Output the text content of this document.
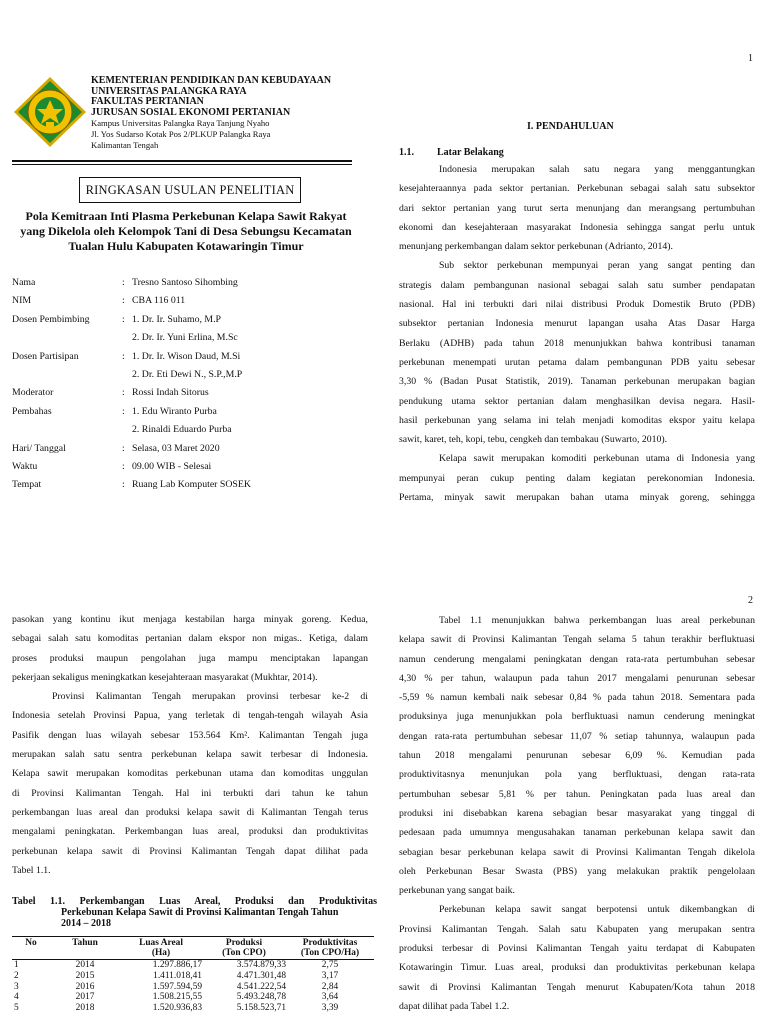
1
2
KEMENTERIAN PENDIDIKAN DAN KEBUDAYAAN
UNIVERSITAS PALANGKA RAYA
FAKULTAS PERTANIAN
JURUSAN SOSIAL EKONOMI PERTANIAN
Kampus Universitas Palangka Raya Tanjung Nyaho
Jl. Yos Sudarso Kotak Pos 2/PLKUP Palangka Raya
Kalimantan Tengah
RINGKASAN USULAN PENELITIAN
Pola Kemitraan Inti Plasma Perkebunan Kelapa Sawit Rakyat yang Dikelola oleh Kelompok Tani di Desa Sebungsu Kecamatan Tualan Hulu Kabupaten Kotawaringin Timur
Nama	: Tresno Santoso Sihombing
NIM	: CBA 116 011
Dosen Pembimbing	: 1. Dr. Ir. Suhamo, M.P
2. Dr. Ir. Yuni Erlina, M.Sc
Dosen Partisipan	: 1. Dr. Ir. Wison Daud, M.Si
2. Dr. Eti Dewi N., S.P.,M.P
Moderator	: Rossi Indah Sitorus
Pembahas	: 1. Edu Wiranto Purba
2. Rinaldi Eduardo Purba
Hari/ Tanggal	: Selasa, 03 Maret 2020
Waktu	: 09.00 WIB - Selesai
Tempat	: Ruang Lab Komputer SOSEK
I. PENDAHULUAN
1.1. Latar Belakang
Indonesia merupakan salah satu negara yang menggantungkan
kesejahteraannya pada sektor pertanian. Perkebunan sebagai salah satu subsektor
dari sektor pertanian yang turut serta menunjang dan merangsang pertumbuhan
ekonomi dan kesejahteraan masyarakat Indonesia sehingga sangat perlu untuk
menunjang perkembangan dalam sektor perkebunan (Adrianto, 2014).
Sub sektor perkebunan mempunyai peran yang sangat penting dan
strategis dalam pembangunan nasional sebagai salah satu sumber pendapatan
nasional. Hal ini terbukti dari nilai distribusi Produk Domestik Bruto (PDB)
subsektor pertanian Indonesia menurut lapangan usaha Atas Dasar Harga
Berlaku (ADHB) pada tahun 2018 menunjukkan bahwa kontribusi tanaman
perkebunan menempati urutan petama dalam pembangunan PDB yaitu sebesar
3,30 % (Badan Pusat Statistik, 2019). Tanaman perkebunan merupakan bagian
pendukung utama sektor pertanian dalam menghasilkan devisa negara. Hasil-
hasil perkebunan yang selama ini telah menjadi komoditas ekspor yaitu kelapa
sawit, karet, teh, kopi, tebu, cengkeh dan tembakau (Suwarto, 2010).
Kelapa sawit merupakan komoditi perkebunan utama di Indonesia yang
mempunyai peran cukup penting dalam kegiatan perekonomian Indonesia.
Pertama, minyak sawit merupakan bahan utama minyak goreng, sehingga
pasokan yang kontinu ikut menjaga kestabilan harga minyak goreng. Kedua,
sebagai salah satu komoditas pertanian dalam ekspor non migas.. Ketiga, dalam
proses produksi maupun pengolahan juga mampu menciptakan lapangan
pekerjaan sekaligus meningkatkan kesejahteraan masyarakat (Mukhtar, 2014).
Provinsi Kalimantan Tengah merupakan provinsi terbesar ke-2 di
Indonesia setelah Provinsi Papua, yang terletak di tengah-tengah wilayah Asia
Pasifik dengan luas wilayah sebesar 153.564 Km². Kalimantan Tengah juga
merupakan salah satu sentra perkebunan kelapa sawit terbesar di Indonesia.
Kelapa sawit merupakan komoditas perkebunan utama dan komoditas unggulan
di Provinsi Kalimantan Tengah. Hal ini terbukti dari tahun ke tahun
perkembangan luas areal dan produksi kelapa sawit di Kalimantan Tengah terus
mengalami peningkatan. Perkembangan luas areal, produksi dan produktivitas
perkebunan kelapa sawit di Provinsi Kalimantan Tengah dapat dilihat pada
Tabel 1.1.
Tabel 1.1. Perkembangan Luas Areal, Produksi dan Produktivitas
Perkebunan Kelapa Sawit di Provinsi Kalimantan Tengah Tahun
2014 – 2018
No	Tahun	Luas Areal	Produksi	Produktivitas
		(Ha)	(Ton CPO)	(Ton CPO/Ha)
1	2014	1.297.886,17	3.574.879,33	2,75
2	2015	1.411.018,41	4.471.301,48	3,17
3	2016	1.597.594,59	4.541.222,54	2,84
4	2017	1.508.215,55	5.493.248,78	3,64
5	2018	1.520.936,83	5.158.523,71	3,39
Tabel 1.1 menunjukkan bahwa perkembangan luas areal perkebunan
kelapa sawit di Provinsi Kalimantan Tengah selama 5 tahun terakhir berfluktuasi
namun cenderung mengalami peningkatan dengan rata-rata pertumbuhan sebesar
4,30 % per tahun, walaupun pada tahun 2017 mengalami penurunan sebesar
-5,59 % namun kembali naik sebesar 0,84 % pada tahun 2018. Sementara pada
produksinya juga menunjukkan pola berfluktuasi namun cenderung meningkat
dengan rata-rata pertumbuhan sebesar 11,07 % setiap tahunnya, walaupun pada
tahun 2018 mengalami penurunan sebesar 6,09 %. Kemudian pada
produktivitasnya menunjukan pola yang berfluktuasi, dengan rata-rata
pertumbuhan sebesar 5,81 % per tahun. Peningkatan pada luas areal dan
produksi ini disebabkan karena sebagian besar masyarakat yang tinggal di
pedesaan pada umumnya mengusahakan tanaman perkebunan kelapa sawit dan
sebagian besar perkebunan kelapa sawit di Provinsi Kalimantan Tengah dikelola
oleh Perkebunan Besar Swasta (PBS) yang melakukan praktik pengelolaan
perkebunan yang sangat baik.
Perkebunan kelapa sawit sangat berpotensi untuk dikembangkan di
Provinsi Kalimantan Tengah. Salah satu Kabupaten yang merupakan sentra
produksi terbesar di Povinsi Kalimantan Tengah yaitu terdapat di Kabupaten
Kotawaringin Timur. Luas areal, produksi dan produktivitas perkebunan kelapa
sawit di Provinsi Kalimantan Tengah menurut Kabupaten/Kota tahun 2018
dapat dilihat pada Tabel 1.2.
